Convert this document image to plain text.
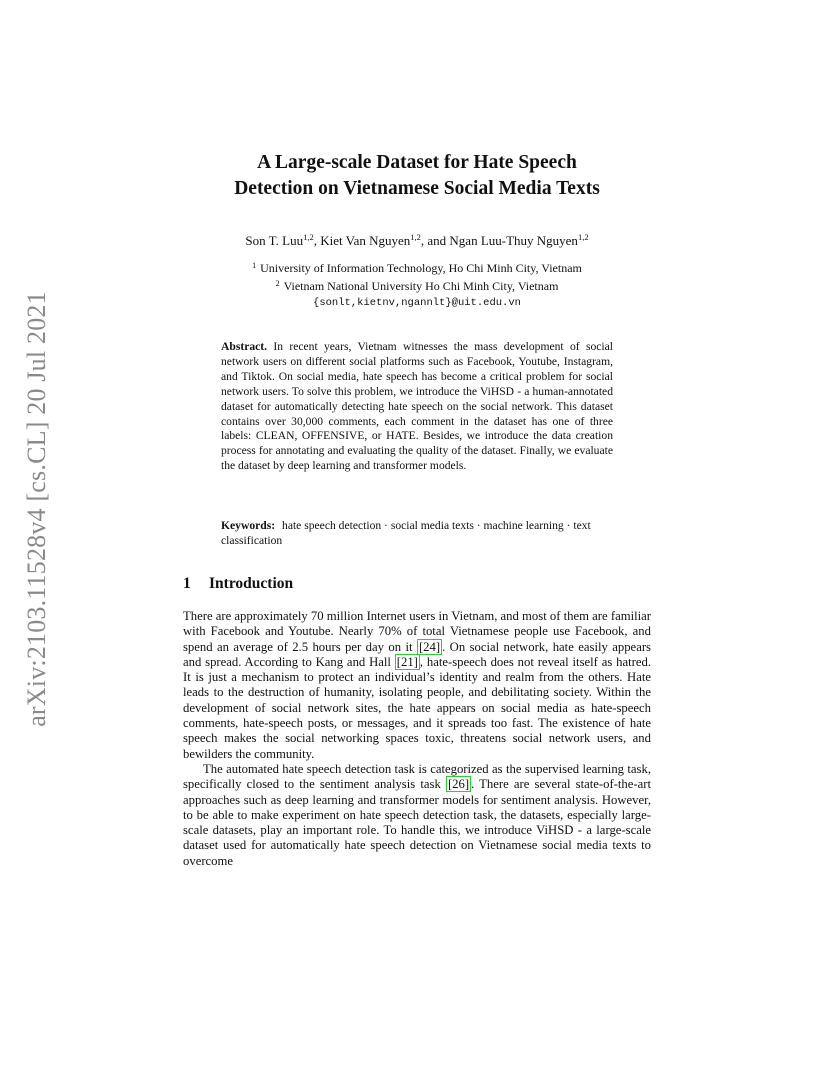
arXiv:2103.11528v4 [cs.CL] 20 Jul 2021
A Large-scale Dataset for Hate Speech
Detection on Vietnamese Social Media Texts
Son T. Luu$^{1,2}$, Kiet Van Nguyen$^{1,2}$, and Ngan Luu-Thuy Nguyen$^{1,2}$
$^1$ University of Information Technology, Ho Chi Minh City, Vietnam
$^2$ Vietnam National University Ho Chi Minh City, Vietnam
{sonlt,kietnv,ngannlt}@uit.edu.vn

Abstract. In recent years, Vietnam witnesses the mass development of social network users on different social platforms such as Facebook, Youtube, Instagram, and Tiktok. On social media, hate speech has become a critical problem for social network users. To solve this problem, we introduce the ViHSD - a human-annotated dataset for automatically detecting hate speech on the social network. This dataset contains over 30,000 comments, each comment in the dataset has one of three labels: CLEAN, OFFENSIVE, or HATE. Besides, we introduce the data creation process for annotating and evaluating the quality of the dataset. Finally, we evaluate the dataset by deep learning and transformer models.

Keywords: hate speech detection · social media texts · machine learning · text classification

1 Introduction

There are approximately 70 million Internet users in Vietnam, and most of them are familiar with Facebook and Youtube. Nearly 70% of total Vietnamese people use Facebook, and spend an average of 2.5 hours per day on it [24] . On social network, hate easily appears and spread. According to Kang and Hall [21] , hate-speech does not reveal itself as hatred. It is just a mechanism to protect an individual’s identity and realm from the others. Hate leads to the destruction of humanity, isolating people, and debilitating society. Within the development of social network sites, the hate appears on social media as hate-speech comments, hate-speech posts, or messages, and it spreads too fast. The existence of hate speech makes the social networking spaces toxic, threatens social network users, and bewilders the community.

The automated hate speech detection task is categorized as the supervised learning task, specifically closed to the sentiment analysis task [26] . There are several state-of-the-art approaches such as deep learning and transformer models for sentiment analysis. However, to be able to make experiment on hate speech detection task, the datasets, especially large-scale datasets, play an important role. To handle this, we introduce ViHSD - a large-scale dataset used for automatically hate speech detection on Vietnamese social media texts to overcome
